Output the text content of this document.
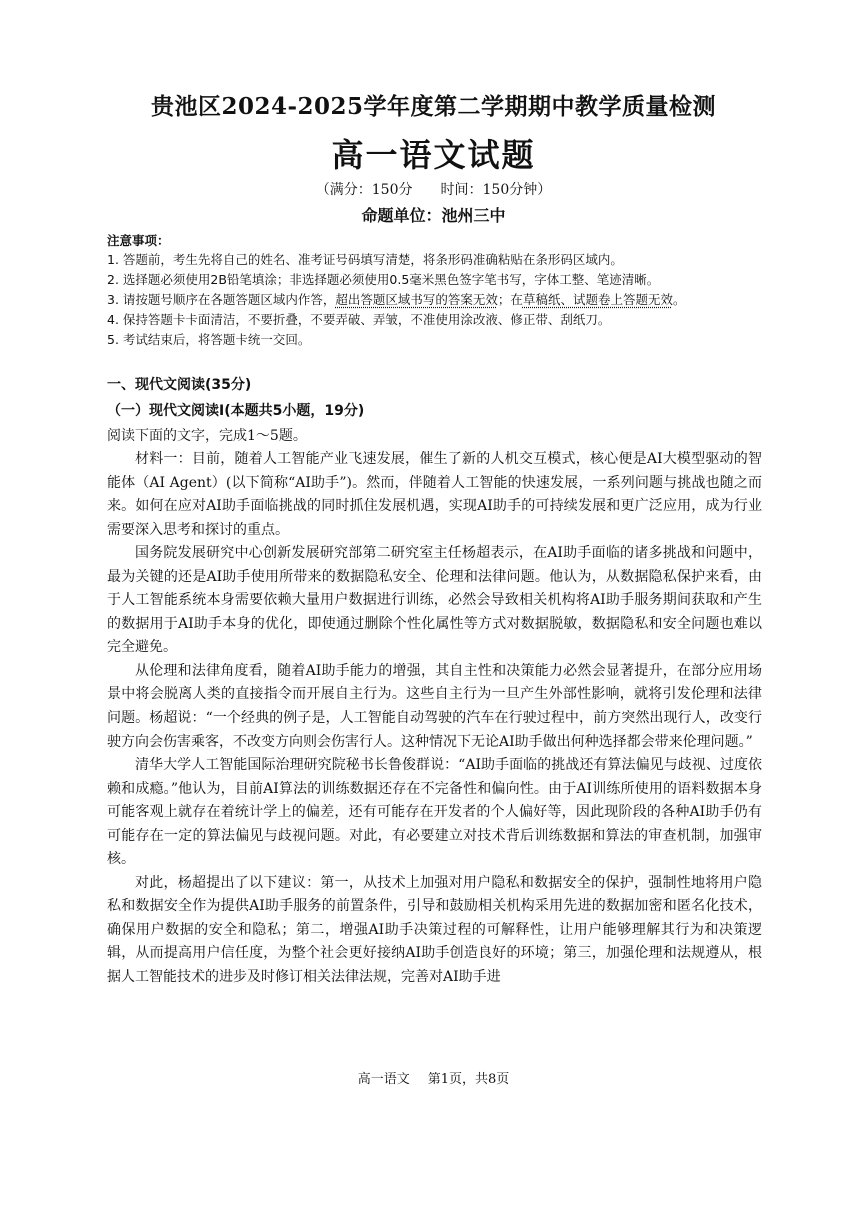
贵池区2024-2025学年度第二学期期中教学质量检测
高一语文试题
（满分：150分 时间：150分钟）
命题单位：池州三中
注意事项：
1. 答题前，考生先将自己的姓名、准考证号码填写清楚，将条形码准确粘贴在条形码区域内。
2. 选择题必须使用2B铅笔填涂；非选择题必须使用0.5毫米黑色签字笔书写，字体工整、笔迹清晰。
3. 请按题号顺序在各题答题区域内作答，超出答题区域书写的答案无效；在草稿纸、试题卷上答题无效。
4. 保持答题卡卡面清洁，不要折叠，不要弄破、弄皱，不准使用涂改液、修正带、刮纸刀。
5. 考试结束后，将答题卡统一交回。
一、现代文阅读(35分)
（一）现代文阅读Ⅰ(本题共5小题，19分)
阅读下面的文字，完成1～5题。

材料一：目前，随着人工智能产业飞速发展，催生了新的人机交互模式，核心便是AI大模型驱动的智能体（AI Agent）(以下简称“AI助手”)。然而，伴随着人工智能的快速发展，一系列问题与挑战也随之而来。如何在应对AI助手面临挑战的同时抓住发展机遇，实现AI助手的可持续发展和更广泛应用，成为行业需要深入思考和探讨的重点。

国务院发展研究中心创新发展研究部第二研究室主任杨超表示，在AI助手面临的诸多挑战和问题中，最为关键的还是AI助手使用所带来的数据隐私安全、伦理和法律问题。他认为，从数据隐私保护来看，由于人工智能系统本身需要依赖大量用户数据进行训练，必然会导致相关机构将AI助手服务期间获取和产生的数据用于AI助手本身的优化，即使通过删除个性化属性等方式对数据脱敏，数据隐私和安全问题也难以完全避免。

从伦理和法律角度看，随着AI助手能力的增强，其自主性和决策能力必然会显著提升，在部分应用场景中将会脱离人类的直接指令而开展自主行为。这些自主行为一旦产生外部性影响，就将引发伦理和法律问题。杨超说：“一个经典的例子是，人工智能自动驾驶的汽车在行驶过程中，前方突然出现行人，改变行驶方向会伤害乘客，不改变方向则会伤害行人。这种情况下无论AI助手做出何种选择都会带来伦理问题。”

清华大学人工智能国际治理研究院秘书长鲁俊群说：“AI助手面临的挑战还有算法偏见与歧视、过度依赖和成瘾。”他认为，目前AI算法的训练数据还存在不完备性和偏向性。由于AI训练所使用的语料数据本身可能客观上就存在着统计学上的偏差，还有可能存在开发者的个人偏好等，因此现阶段的各种AI助手仍有可能存在一定的算法偏见与歧视问题。对此，有必要建立对技术背后训练数据和算法的审查机制，加强审核。

对此，杨超提出了以下建议：第一，从技术上加强对用户隐私和数据安全的保护，强制性地将用户隐私和数据安全作为提供AI助手服务的前置条件，引导和鼓励相关机构采用先进的数据加密和匿名化技术，确保用户数据的安全和隐私；第二，增强AI助手决策过程的可解释性，让用户能够理解其行为和决策逻辑，从而提高用户信任度，为整个社会更好接纳AI助手创造良好的环境；第三，加强伦理和法规遵从，根据人工智能技术的进步及时修订相关法律法规，完善对AI助手进

高一语文 第1页，共8页
